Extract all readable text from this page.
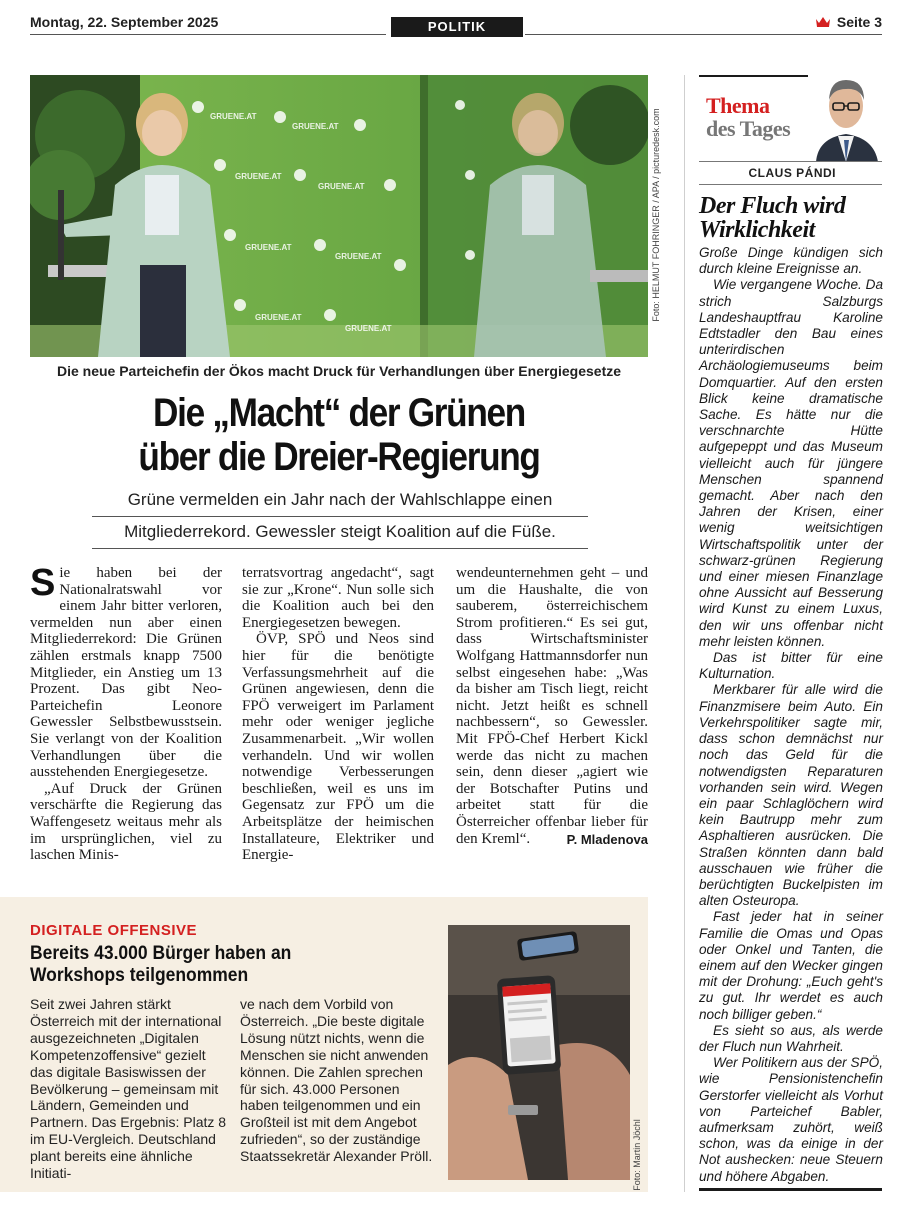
Montag, 22. September 2025	POLITIK	Seite 3
GRUENE.AT
GRUENE.AT
GRUENE.AT
GRUENE.AT
GRUENE.AT
GRUENE.AT
GRUENE.AT
GRUENE.AT
Foto: HELMUT FOHRINGER / APA / picturedesk.com
Die neue Parteichefin der Ökos macht Druck für Verhandlungen über Energiegesetze
Die „Macht“ der Grünen
über die Dreier-Regierung
Grüne vermelden ein Jahr nach der Wahlschlappe einen
Mitgliederrekord. Gewessler steigt Koalition auf die Füße.

Sie haben bei der Nationalratswahl vor einem Jahr bitter verloren, vermelden nun aber einen Mitgliederrekord: Die Grünen zählen erstmals knapp 7500 Mitglieder, ein Anstieg um 13 Prozent. Das gibt Neo-Parteichefin Leonore Gewessler Selbstbewusstsein. Sie verlangt von der Koalition Verhandlungen über die ausstehenden Energiegesetze.

„Auf Druck der Grünen verschärfte die Regierung das Waffengesetz weitaus mehr als im ursprünglichen, viel zu laschen Minis-

terratsvortrag angedacht“, sagt sie zur „Krone“. Nun solle sich die Koalition auch bei den Energiegesetzen bewegen.

ÖVP, SPÖ und Neos sind hier für die benötigte Verfassungsmehrheit auf die Grünen angewiesen, denn die FPÖ verweigert im Parlament mehr oder weniger jegliche Zusammenarbeit. „Wir wollen verhandeln. Und wir wollen notwendige Verbesserungen beschließen, weil es uns im Gegensatz zur FPÖ um die Arbeitsplätze der heimischen Installateure, Elektriker und Energie-

wendeunternehmen geht – und um die Haushalte, die von sauberem, österreichischem Strom profitieren.“ Es sei gut, dass Wirtschaftsminister Wolfgang Hattmannsdorfer nun selbst eingesehen habe: „Was da bisher am Tisch liegt, reicht nicht. Jetzt heißt es schnell nachbessern“, so Gewessler. Mit FPÖ-Chef Herbert Kickl werde das nicht zu machen sein, denn dieser „agiert wie der Botschafter Putins und arbeitet statt für die Österreicher offenbar lieber für den Kreml“.	P. Mladenova

DIGITALE OFFENSIVE
Bereits 43.000 Bürger haben an Workshops teilgenommen
Seit zwei Jahren stärkt Österreich mit der international ausgezeichneten „Digitalen Kompetenzoffensive“ gezielt das digitale Basiswissen der Bevölkerung – gemeinsam mit Ländern, Gemeinden und Partnern. Das Ergebnis: Platz 8 im EU-Vergleich. Deutschland plant bereits eine ähnliche Initiati-
ve nach dem Vorbild von Österreich. „Die beste digitale Lösung nützt nichts, wenn die Menschen sie nicht anwenden können. Die Zahlen sprechen für sich. 43.000 Personen haben teilgenommen und ein Großteil ist mit dem Angebot zufrieden“, so der zuständige Staatssekretär Alexander Pröll.	Foto: Martin Jöchl
Thema
des Tages
CLAUS PÁNDI
Der Fluch wird Wirklichkeit

Große Dinge kündigen sich durch kleine Ereignisse an.

Wie vergangene Woche. Da strich Salzburgs Landeshauptfrau Karoline Edtstadler den Bau eines unterirdischen Archäologiemuseums beim Domquartier. Auf den ersten Blick keine dramatische Sache. Es hätte nur die verschnarchte Hütte aufgepeppt und das Museum vielleicht auch für jüngere Menschen spannend gemacht. Aber nach den Jahren der Krisen, einer wenig weitsichtigen Wirtschaftspolitik unter der schwarz-grünen Regierung und einer miesen Finanzlage ohne Aussicht auf Besserung wird Kunst zu einem Luxus, den wir uns offenbar nicht mehr leisten können.

Das ist bitter für eine Kulturnation.

Merkbarer für alle wird die Finanzmisere beim Auto. Ein Verkehrspolitiker sagte mir, dass schon demnächst nur noch das Geld für die notwendigsten Reparaturen vorhanden sein wird. Wegen ein paar Schlaglöchern wird kein Bautrupp mehr zum Asphaltieren ausrücken. Die Straßen könnten dann bald ausschauen wie früher die berüchtigten Buckelpisten im alten Osteuropa.

Fast jeder hat in seiner Familie die Omas und Opas oder Onkel und Tanten, die einem auf den Wecker gingen mit der Drohung: „Euch geht's zu gut. Ihr werdet es auch noch billiger geben.“

Es sieht so aus, als werde der Fluch nun Wahrheit.

Wer Politikern aus der SPÖ, wie Pensionistenchefin Gerstorfer vielleicht als Vorhut von Parteichef Babler, aufmerksam zuhört, weiß schon, was da einige in der Not aushecken: neue Steuern und höhere Abgaben.
